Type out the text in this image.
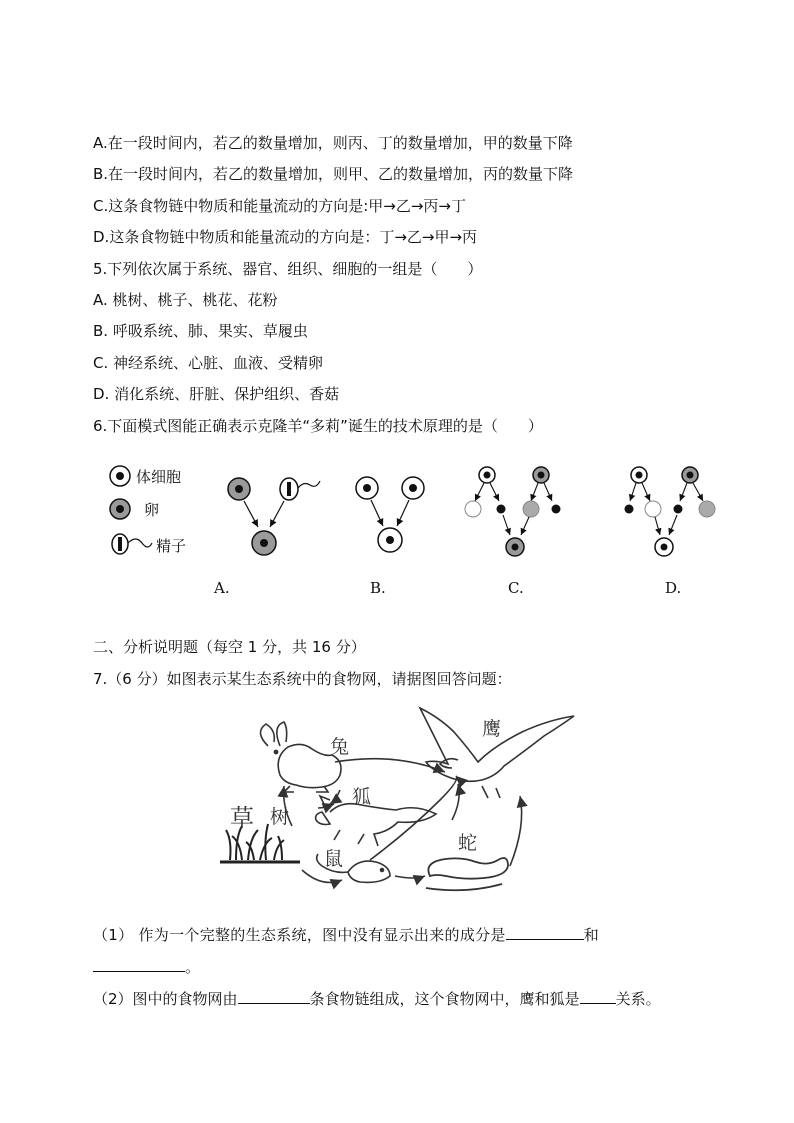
A.在一段时间内，若乙的数量增加，则丙、丁的数量增加，甲的数量下降
B.在一段时间内，若乙的数量增加，则甲、乙的数量增加，丙的数量下降
C.这条食物链中物质和能量流动的方向是:甲→乙→丙→丁
D.这条食物链中物质和能量流动的方向是：丁→乙→甲→丙
5.下列依次属于系统、器官、组织、细胞的一组是（　　）
A. 桃树、桃子、桃花、花粉
B. 呼吸系统、肺、果实、草履虫
C. 神经系统、心脏、血液、受精卵
D. 消化系统、肝脏、保护组织、香菇
6.下面模式图能正确表示克隆羊“多莉”诞生的技术原理的是（　　）
体细胞
卵
精子
A.	B.	C.	D.
二、分析说明题（每空 1 分，共 16 分）
7.（6 分）如图表示某生态系统中的食物网，请据图回答问题：
兔
鹰
狐
草 树
鼠
蛇
（1） 作为一个完整的生态系统，图中没有显示出来的成分是	和
。
（2）图中的食物网由	条食物链组成，这个食物网中，鹰和狐是 关系。
